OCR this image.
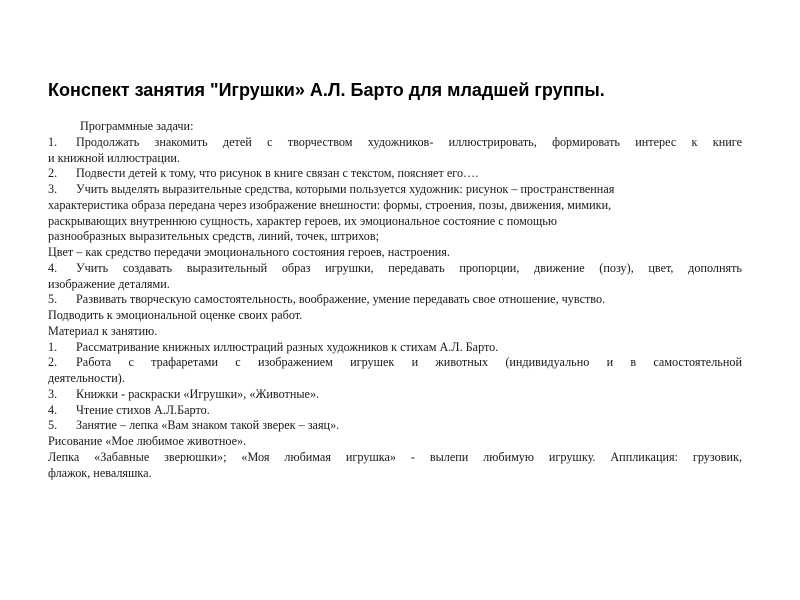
Конспект занятия "Игрушки» А.Л. Барто для младшей группы.
Программные задачи:
1.	Продолжать знакомить детей с творчеством художников- иллюстрировать, формировать интерес к книге
и книжной иллюстрации.
2.	Подвести детей к тому, что рисунок в книге связан с текстом, поясняет его….
3.	Учить выделять выразительные средства, которыми пользуется художник: рисунок – пространственная
характеристика образа передана через изображение внешности: формы, строения, позы, движения, мимики,
раскрывающих внутреннюю сущность, характер героев, их эмоциональное состояние с помощью
разнообразных выразительных средств, линий, точек, штрихов;
Цвет – как средство передачи эмоционального состояния героев, настроения.
4.	Учить создавать выразительный образ игрушки, передавать пропорции, движение (позу), цвет, дополнять
изображение деталями.
5.	Развивать творческую самостоятельность, воображение, умение передавать свое отношение, чувство.
Подводить к эмоциональной оценке своих работ.
Материал к занятию.
1.	Рассматривание книжных иллюстраций разных художников к стихам А.Л. Барто.
2.	Работа с трафаретами с изображением игрушек и животных (индивидуально и в самостоятельной
деятельности).
3.	Книжки - раскраски «Игрушки», «Животные».
4.	Чтение стихов А.Л.Барто.
5.	Занятие – лепка «Вам знаком такой зверек – заяц».
Рисование «Мое любимое животное».
Лепка «Забавные зверюшки»; «Моя любимая игрушка» - вылепи любимую игрушку. Аппликация: грузовик,
флажок, неваляшка.
